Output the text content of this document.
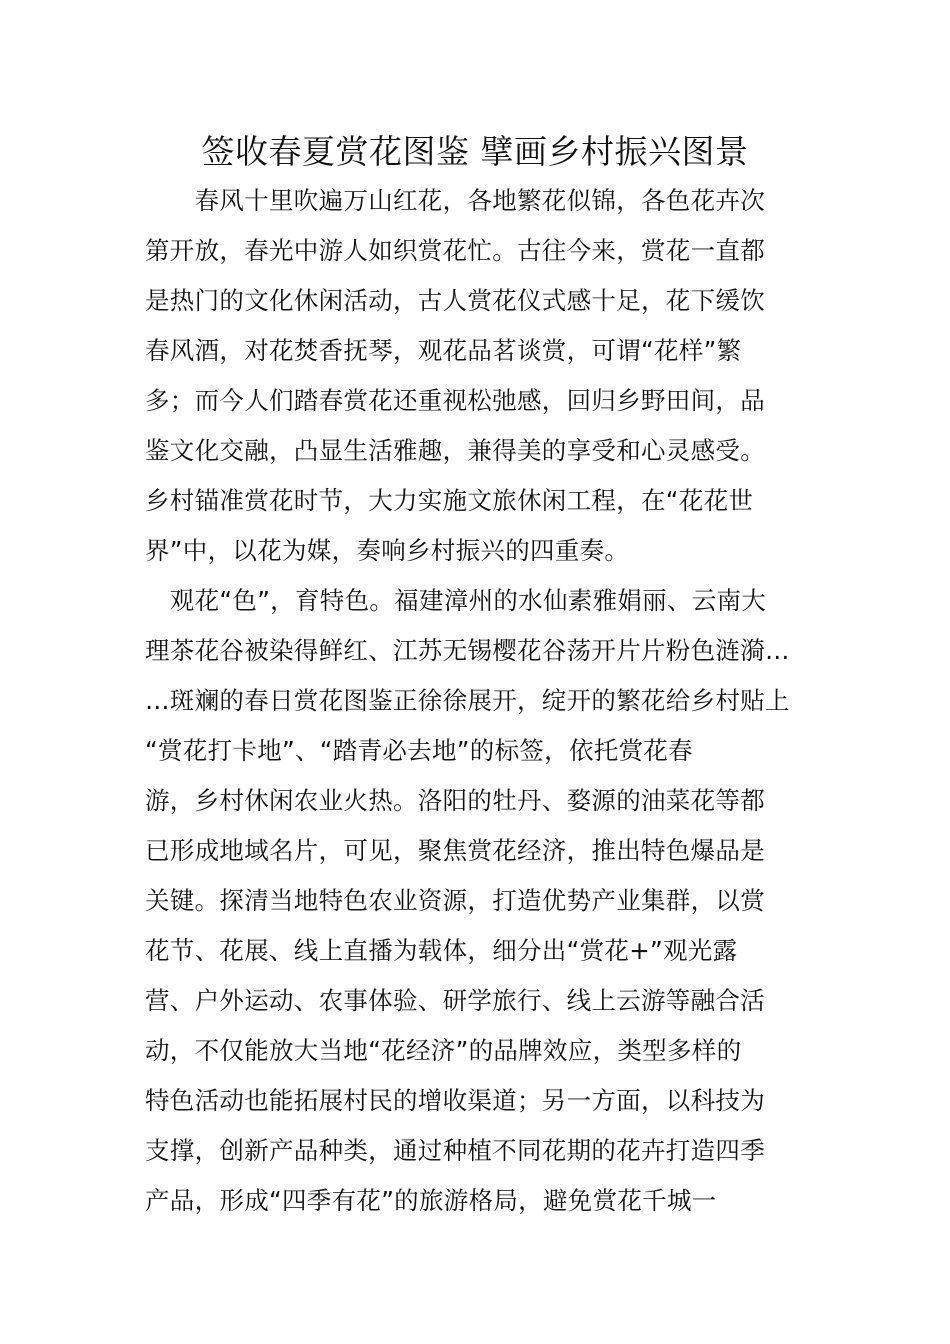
签收春夏赏花图鉴 擘画乡村振兴图景
　　春风十里吹遍万山红花，各地繁花似锦，各色花卉次
第开放，春光中游人如织赏花忙。古往今来，赏花一直都
是热门的文化休闲活动，古人赏花仪式感十足，花下缓饮
春风酒，对花焚香抚琴，观花品茗谈赏，可谓“花样”繁
多；而今人们踏春赏花还重视松弛感，回归乡野田间，品
鉴文化交融，凸显生活雅趣，兼得美的享受和心灵感受。
乡村锚准赏花时节，大力实施文旅休闲工程，在“花花世
界”中，以花为媒，奏响乡村振兴的四重奏。
　观花“色”，育特色。福建漳州的水仙素雅娟丽、云南大
理茶花谷被染得鲜红、江苏无锡樱花谷荡开片片粉色涟漪…
…斑斓的春日赏花图鉴正徐徐展开，绽开的繁花给乡村贴上
“赏花打卡地”、“踏青必去地”的标签，依托赏花春
游，乡村休闲农业火热。洛阳的牡丹、婺源的油菜花等都
已形成地域名片，可见，聚焦赏花经济，推出特色爆品是
关键。探清当地特色农业资源，打造优势产业集群，以赏
花节、花展、线上直播为载体，细分出“赏花+”观光露
营、户外运动、农事体验、研学旅行、线上云游等融合活
动，不仅能放大当地“花经济”的品牌效应，类型多样的
特色活动也能拓展村民的增收渠道；另一方面，以科技为
支撑，创新产品种类，通过种植不同花期的花卉打造四季
产品，形成“四季有花”的旅游格局，避免赏花千城一
